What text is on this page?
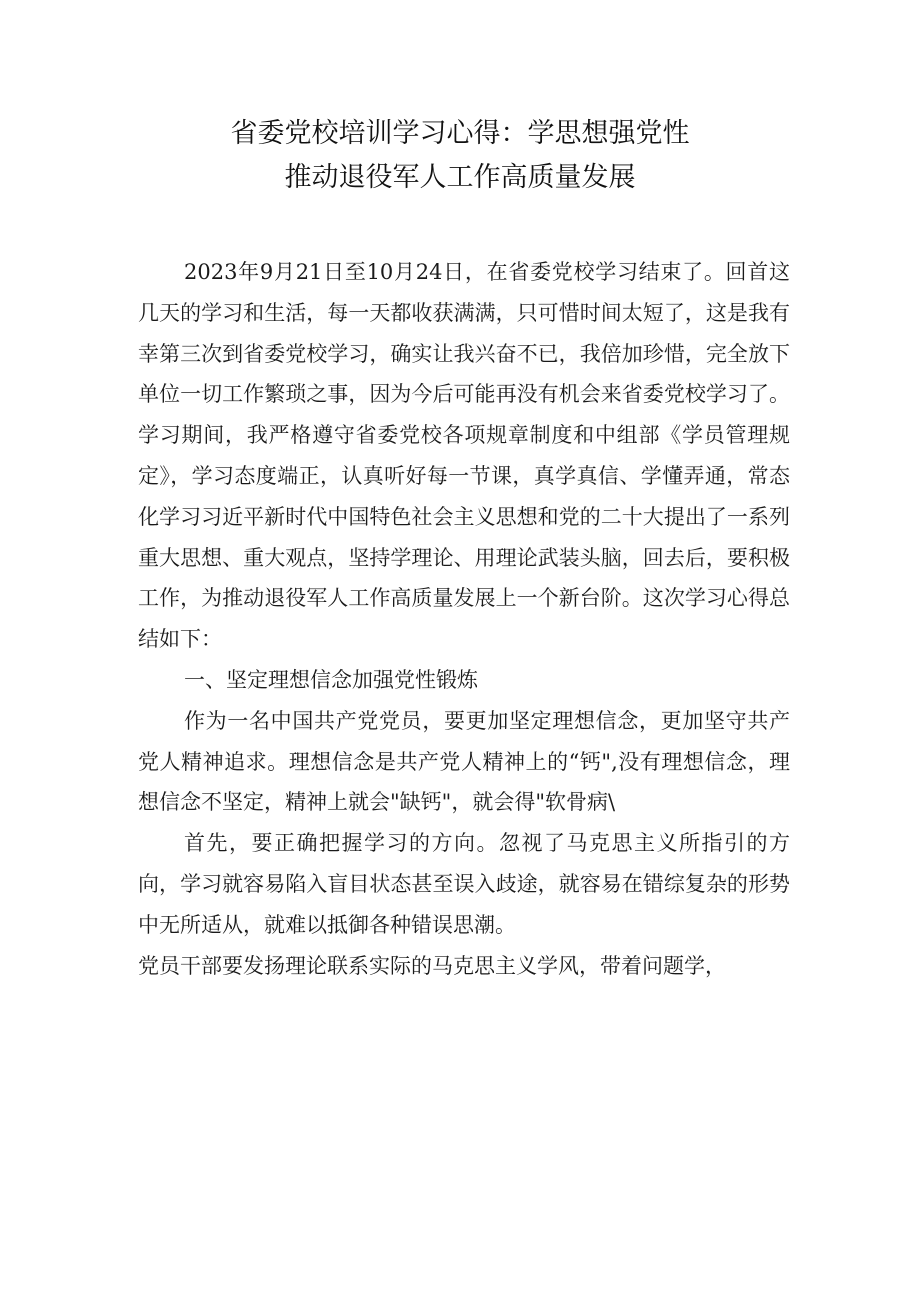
省委党校培训学习心得：学思想强党性
推动退役军人工作高质量发展

2023年9月21日至10月24日，在省委党校学习结束了。回首这几天的学习和生活，每一天都收获满满，只可惜时间太短了，这是我有幸第三次到省委党校学习，确实让我兴奋不已，我倍加珍惜，完全放下单位一切工作繁琐之事，因为今后可能再没有机会来省委党校学习了。学习期间，我严格遵守省委党校各项规章制度和中组部《学员管理规定》，学习态度端正，认真听好每一节课，真学真信、学懂弄通，常态化学习习近平新时代中国特色社会主义思想和党的二十大提出了一系列重大思想、重大观点，坚持学理论、用理论武装头脑，回去后，要积极工作，为推动退役军人工作高质量发展上一个新台阶。这次学习心得总结如下：

一、坚定理想信念加强党性锻炼

作为一名中国共产党党员，要更加坚定理想信念，更加坚守共产党人精神追求。理想信念是共产党人精神上的“钙",没有理想信念，理想信念不坚定，精神上就会"缺钙"，就会得"软骨病\

首先，要正确把握学习的方向。忽视了马克思主义所指引的方向，学习就容易陷入盲目状态甚至误入歧途，就容易在错综复杂的形势中无所适从，就难以抵御各种错误思潮。

党员干部要发扬理论联系实际的马克思主义学风，带着问题学，
